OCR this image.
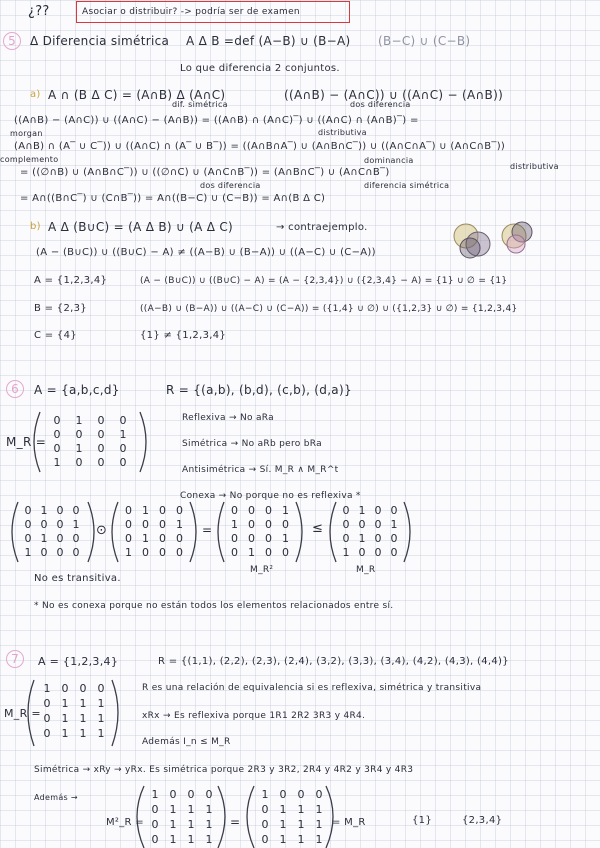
¿??	Asociar o distribuir? -> podría ser de examen
5	Δ Diferencia simétrica A Δ B =def (A−B) ∪ (B−A) (B−C) ∪ (C−B)
Lo que diferencia 2 conjuntos.
a) A ∩ (B Δ C) = (A∩B) Δ (A∩C)	((A∩B) − (A∩C)) ∪ ((A∩C) − (A∩B))
dif. simétrica	dos diferencia
((A∩B) − (A∩C)) ∪ ((A∩C) − (A∩B)) = ((A∩B) ∩ (A∩C)‾) ∪ ((A∩C) ∩ (A∩B)‾) =
distributiva
morgan
(A∩B) ∩ (A‾ ∪ C‾)) ∪ ((A∩C) ∩ (A‾ ∪ B‾)) = ((A∩B∩A‾) ∪ (A∩B∩C‾)) ∪ ((A∩C∩A‾) ∪ (A∩C∩B‾))
complemento	dominancia
distributiva
= ((∅∩B) ∪ (A∩B∩C‾)) ∪ ((∅∩C) ∪ (A∩C∩B‾)) = (A∩B∩C‾) ∪ (A∩C∩B‾)
dos diferencia	diferencia simétrica
= A∩((B∩C‾) ∪ (C∩B‾)) = A∩((B−C) ∪ (C−B)) = A∩(B Δ C)
b) A Δ (B∪C) = (A Δ B) ∪ (A Δ C)	→ contraejemplo.
(A − (B∪C)) ∪ ((B∪C) − A) ≠ ((A−B) ∪ (B−A)) ∪ ((A−C) ∪ (C−A))
A = {1,2,3,4}
B = {2,3}
C = {4}
(A − (B∪C)) ∪ ((B∪C) − A) = (A − {2,3,4}) ∪ ({2,3,4} − A) = {1} ∪ ∅ = {1}
((A−B) ∪ (B−A)) ∪ ((A−C) ∪ (C−A)) = ({1,4} ∪ ∅) ∪ ({1,2,3} ∪ ∅) = {1,2,3,4}
{1} ≠ {1,2,3,4}
6	A = {a,b,c,d}	R = {(a,b), (b,d), (c,b), (d,a)}
M_R =
0	1	0	0
0	0	0	1
0	1	0	0
1	0	0	0
Reflexiva → No aRa
Simétrica → No aRb pero bRa
Antisimétrica → Sí. M_R ∧ M_R^t
Conexa → No porque no es reflexiva *
0 1 0 0
0 0 0 1
0 1 0 0
1 0 0 0
⊙
0 1 0 0
0 0 0 1
0 1 0 0
1 0 0 0
=
0 0 0 1
1 0 0 0
0 0 0 1
0 1 0 0
≤
0 1 0 0
0 0 0 1
0 1 0 0
1 0 0 0
M_R²	M_R
No es transitiva.
* No es conexa porque no están todos los elementos relacionados entre sí.
7	A = {1,2,3,4}	R = {(1,1), (2,2), (2,3), (2,4), (3,2), (3,3), (3,4), (4,2), (4,3), (4,4)}
M_R =
1	0	0	0
0	1	1	1
0	1	1	1
0	1	1	1
R es una relación de equivalencia si es reflexiva, simétrica y transitiva
xRx → Es reflexiva porque 1R1 2R2 3R3 y 4R4.
Además I_n ≤ M_R
Simétrica → xRy → yRx. Es simétrica porque 2R3 y 3R2, 2R4 y 4R2 y 3R4 y 4R3
Además →
M²_R =
1	0	0	0
0	1	1	1
0	1	1	1
0	1	1	1
=
1	0	0	0
0	1	1	1
0	1	1	1
0	1	1	1
= M_R	{1}	{2,3,4}
